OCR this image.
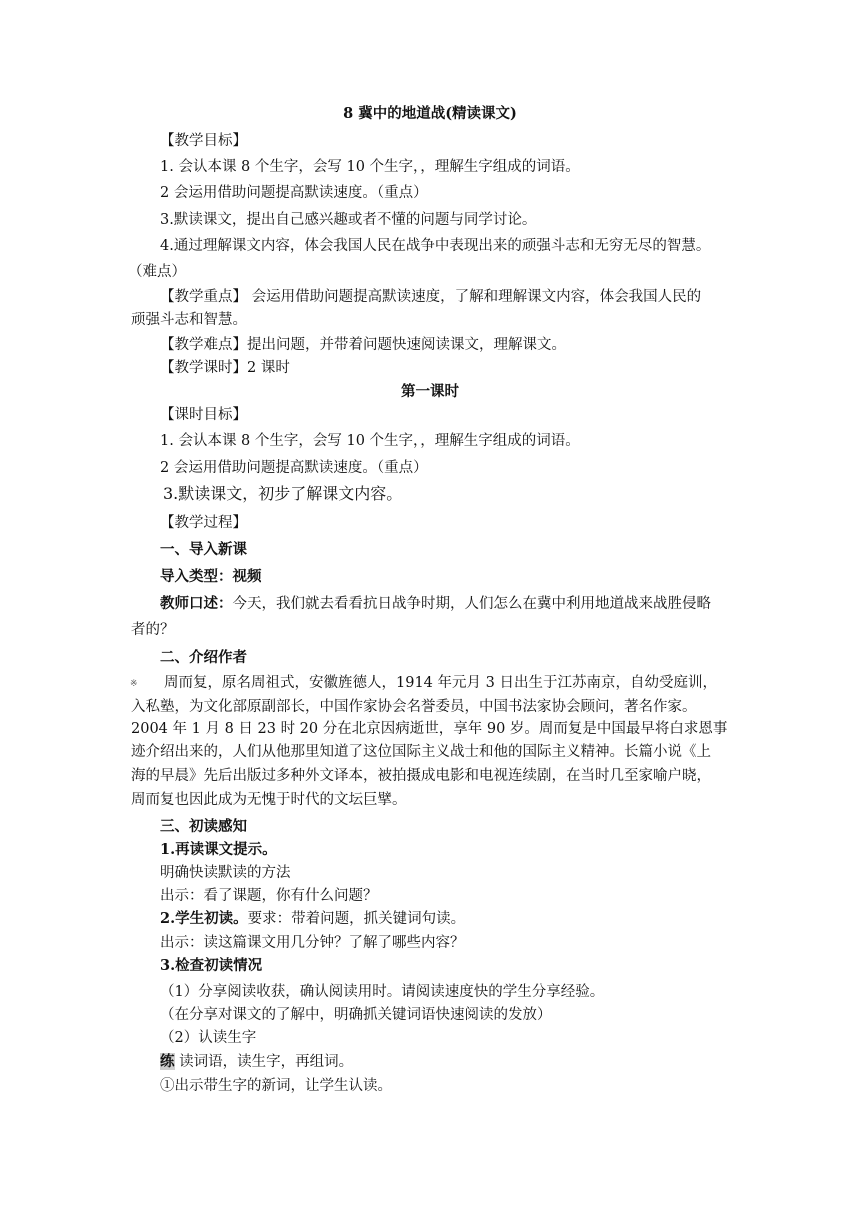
8 冀中的地道战(精读课文)
【教学目标】
1. 会认本课 8 个生字，会写 10 个生字，，理解生字组成的词语。
2 会运用借助问题提高默读速度。（重点）
3.默读课文，提出自己感兴趣或者不懂的问题与同学讨论。
4.通过理解课文内容，体会我国人民在战争中表现出来的顽强斗志和无穷无尽的智慧。
（难点）
【教学重点】 会运用借助问题提高默读速度，了解和理解课文内容，体会我国人民的
顽强斗志和智慧。
【教学难点】提出问题，并带着问题快速阅读课文，理解课文。
【教学课时】2 课时
第一课时
【课时目标】
1. 会认本课 8 个生字，会写 10 个生字，，理解生字组成的词语。
2 会运用借助问题提高默读速度。（重点）
3.默读课文，初步了解课文内容。
【教学过程】
一、导入新课
导入类型：视频
教师口述：今天，我们就去看看抗日战争时期，人们怎么在冀中利用地道战来战胜侵略
者的？
二、介绍作者
※ 周而复，原名周祖式，安徽旌德人，1914 年元月 3 日出生于江苏南京，自幼受庭训，
入私塾，为文化部原副部长，中国作家协会名誉委员，中国书法家协会顾问，著名作家。
2004 年 1 月 8 日 23 时 20 分在北京因病逝世，享年 90 岁。周而复是中国最早将白求恩事
迹介绍出来的，人们从他那里知道了这位国际主义战士和他的国际主义精神。长篇小说《上
海的早晨》先后出版过多种外文译本，被拍摄成电影和电视连续剧，在当时几至家喻户晓，
周而复也因此成为无愧于时代的文坛巨擘。
三、初读感知
1.再读课文提示。
明确快读默读的方法
出示：看了课题，你有什么问题？
2.学生初读。要求：带着问题，抓关键词句读。
出示：读这篇课文用几分钟？了解了哪些内容？
3.检查初读情况
（1）分享阅读收获，确认阅读用时。请阅读速度快的学生分享经验。
（在分享对课文的了解中，明确抓关键词语快速阅读的发放）
（2）认读生字
练 读词语，读生字，再组词。
①出示带生字的新词，让学生认读。
